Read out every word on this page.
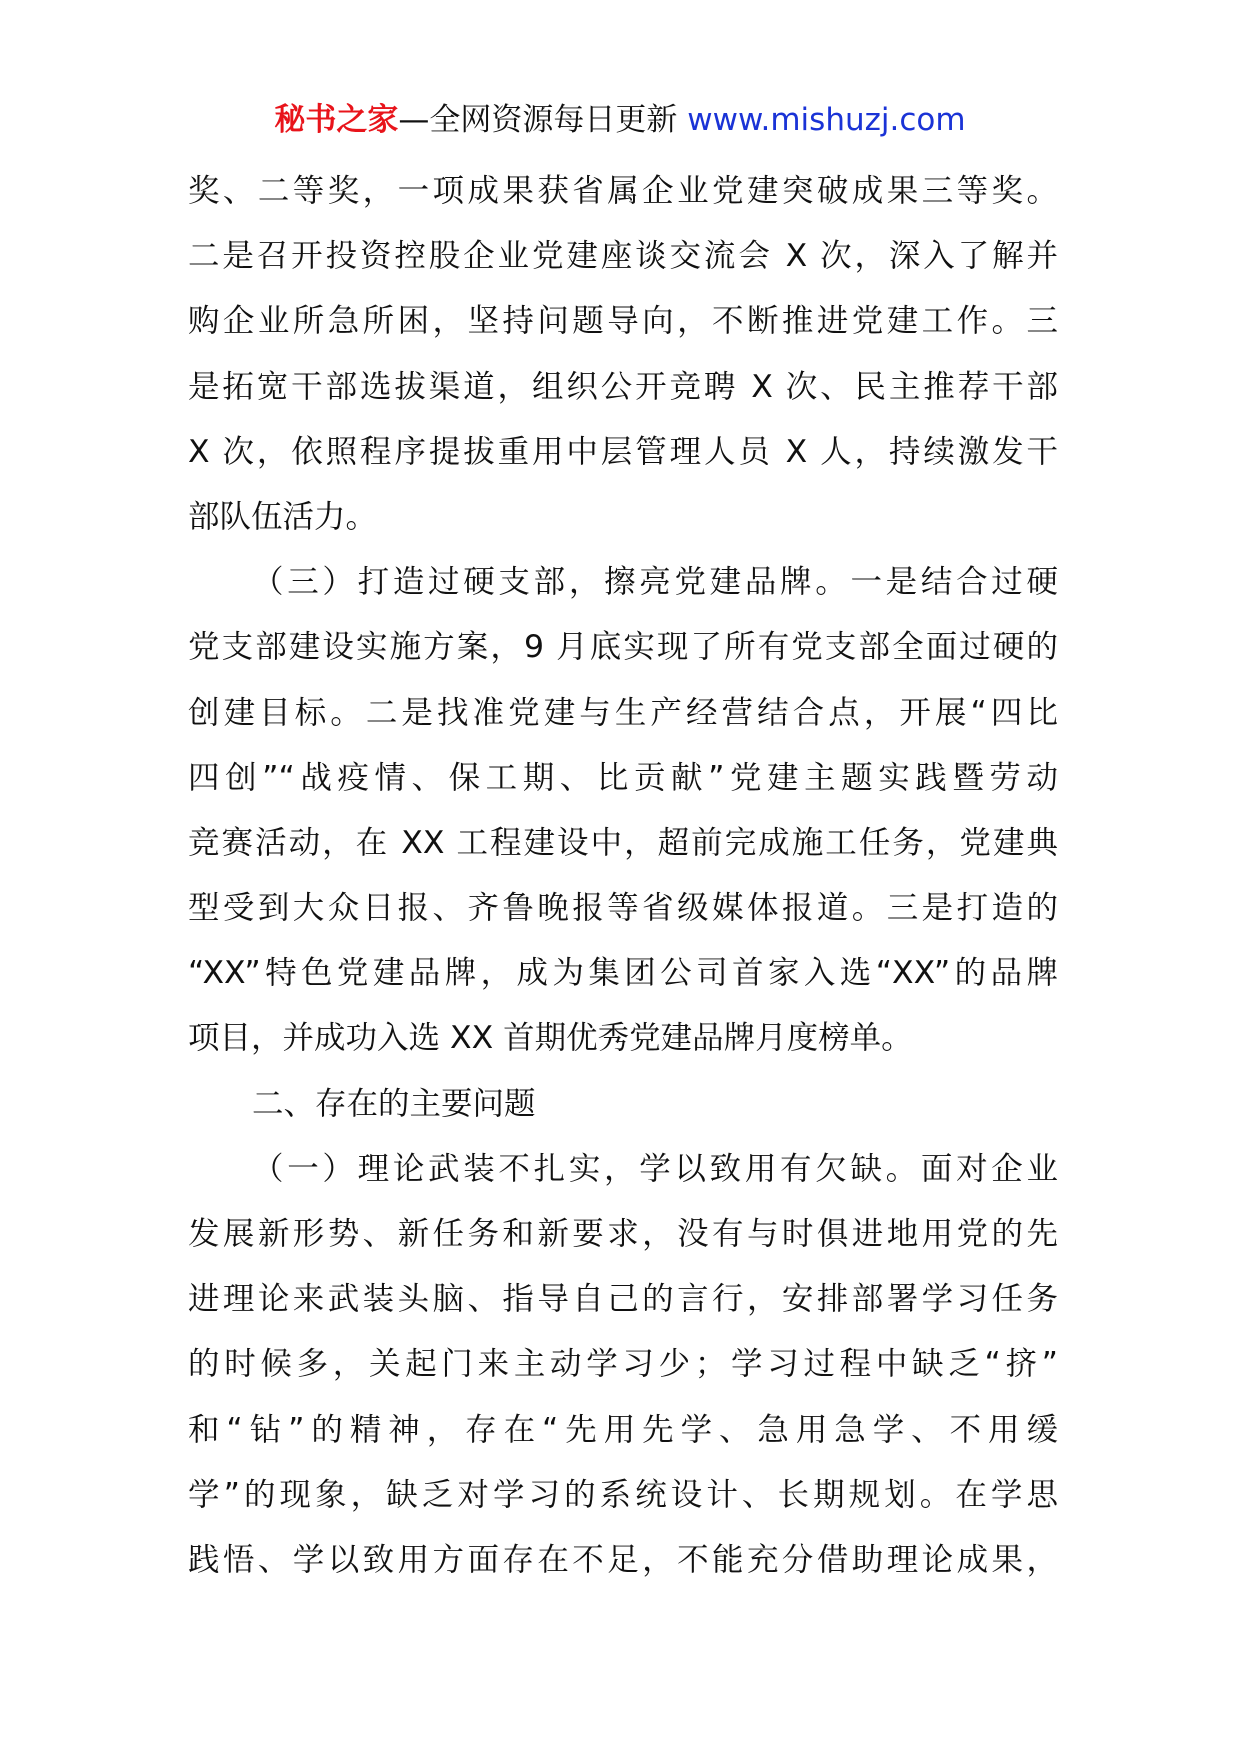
秘书之家—全网资源每日更新 www.mishuzj.com
奖、二等奖，一项成果获省属企业党建突破成果三等奖。
二是召开投资控股企业党建座谈交流会 X 次，深入了解并
购企业所急所困，坚持问题导向，不断推进党建工作。三
是拓宽干部选拔渠道，组织公开竞聘 X 次、民主推荐干部
X 次，依照程序提拔重用中层管理人员 X 人，持续激发干
部队伍活力。
（三）打造过硬支部，擦亮党建品牌。一是结合过硬
党支部建设实施方案，9 月底实现了所有党支部全面过硬的
创建目标。二是找准党建与生产经营结合点，开展“四比
四创”“战疫情、保工期、比贡献”党建主题实践暨劳动
竞赛活动，在 XX 工程建设中，超前完成施工任务，党建典
型受到大众日报、齐鲁晚报等省级媒体报道。三是打造的
“XX”特色党建品牌，成为集团公司首家入选“XX”的品牌
项目，并成功入选 XX 首期优秀党建品牌月度榜单。
二、存在的主要问题
（一）理论武装不扎实，学以致用有欠缺。面对企业
发展新形势、新任务和新要求，没有与时俱进地用党的先
进理论来武装头脑、指导自己的言行，安排部署学习任务
的时候多，关起门来主动学习少；学习过程中缺乏“挤”
和“钻”的精神，存在“先用先学、急用急学、不用缓
学”的现象，缺乏对学习的系统设计、长期规划。在学思
践悟、学以致用方面存在不足，不能充分借助理论成果，
